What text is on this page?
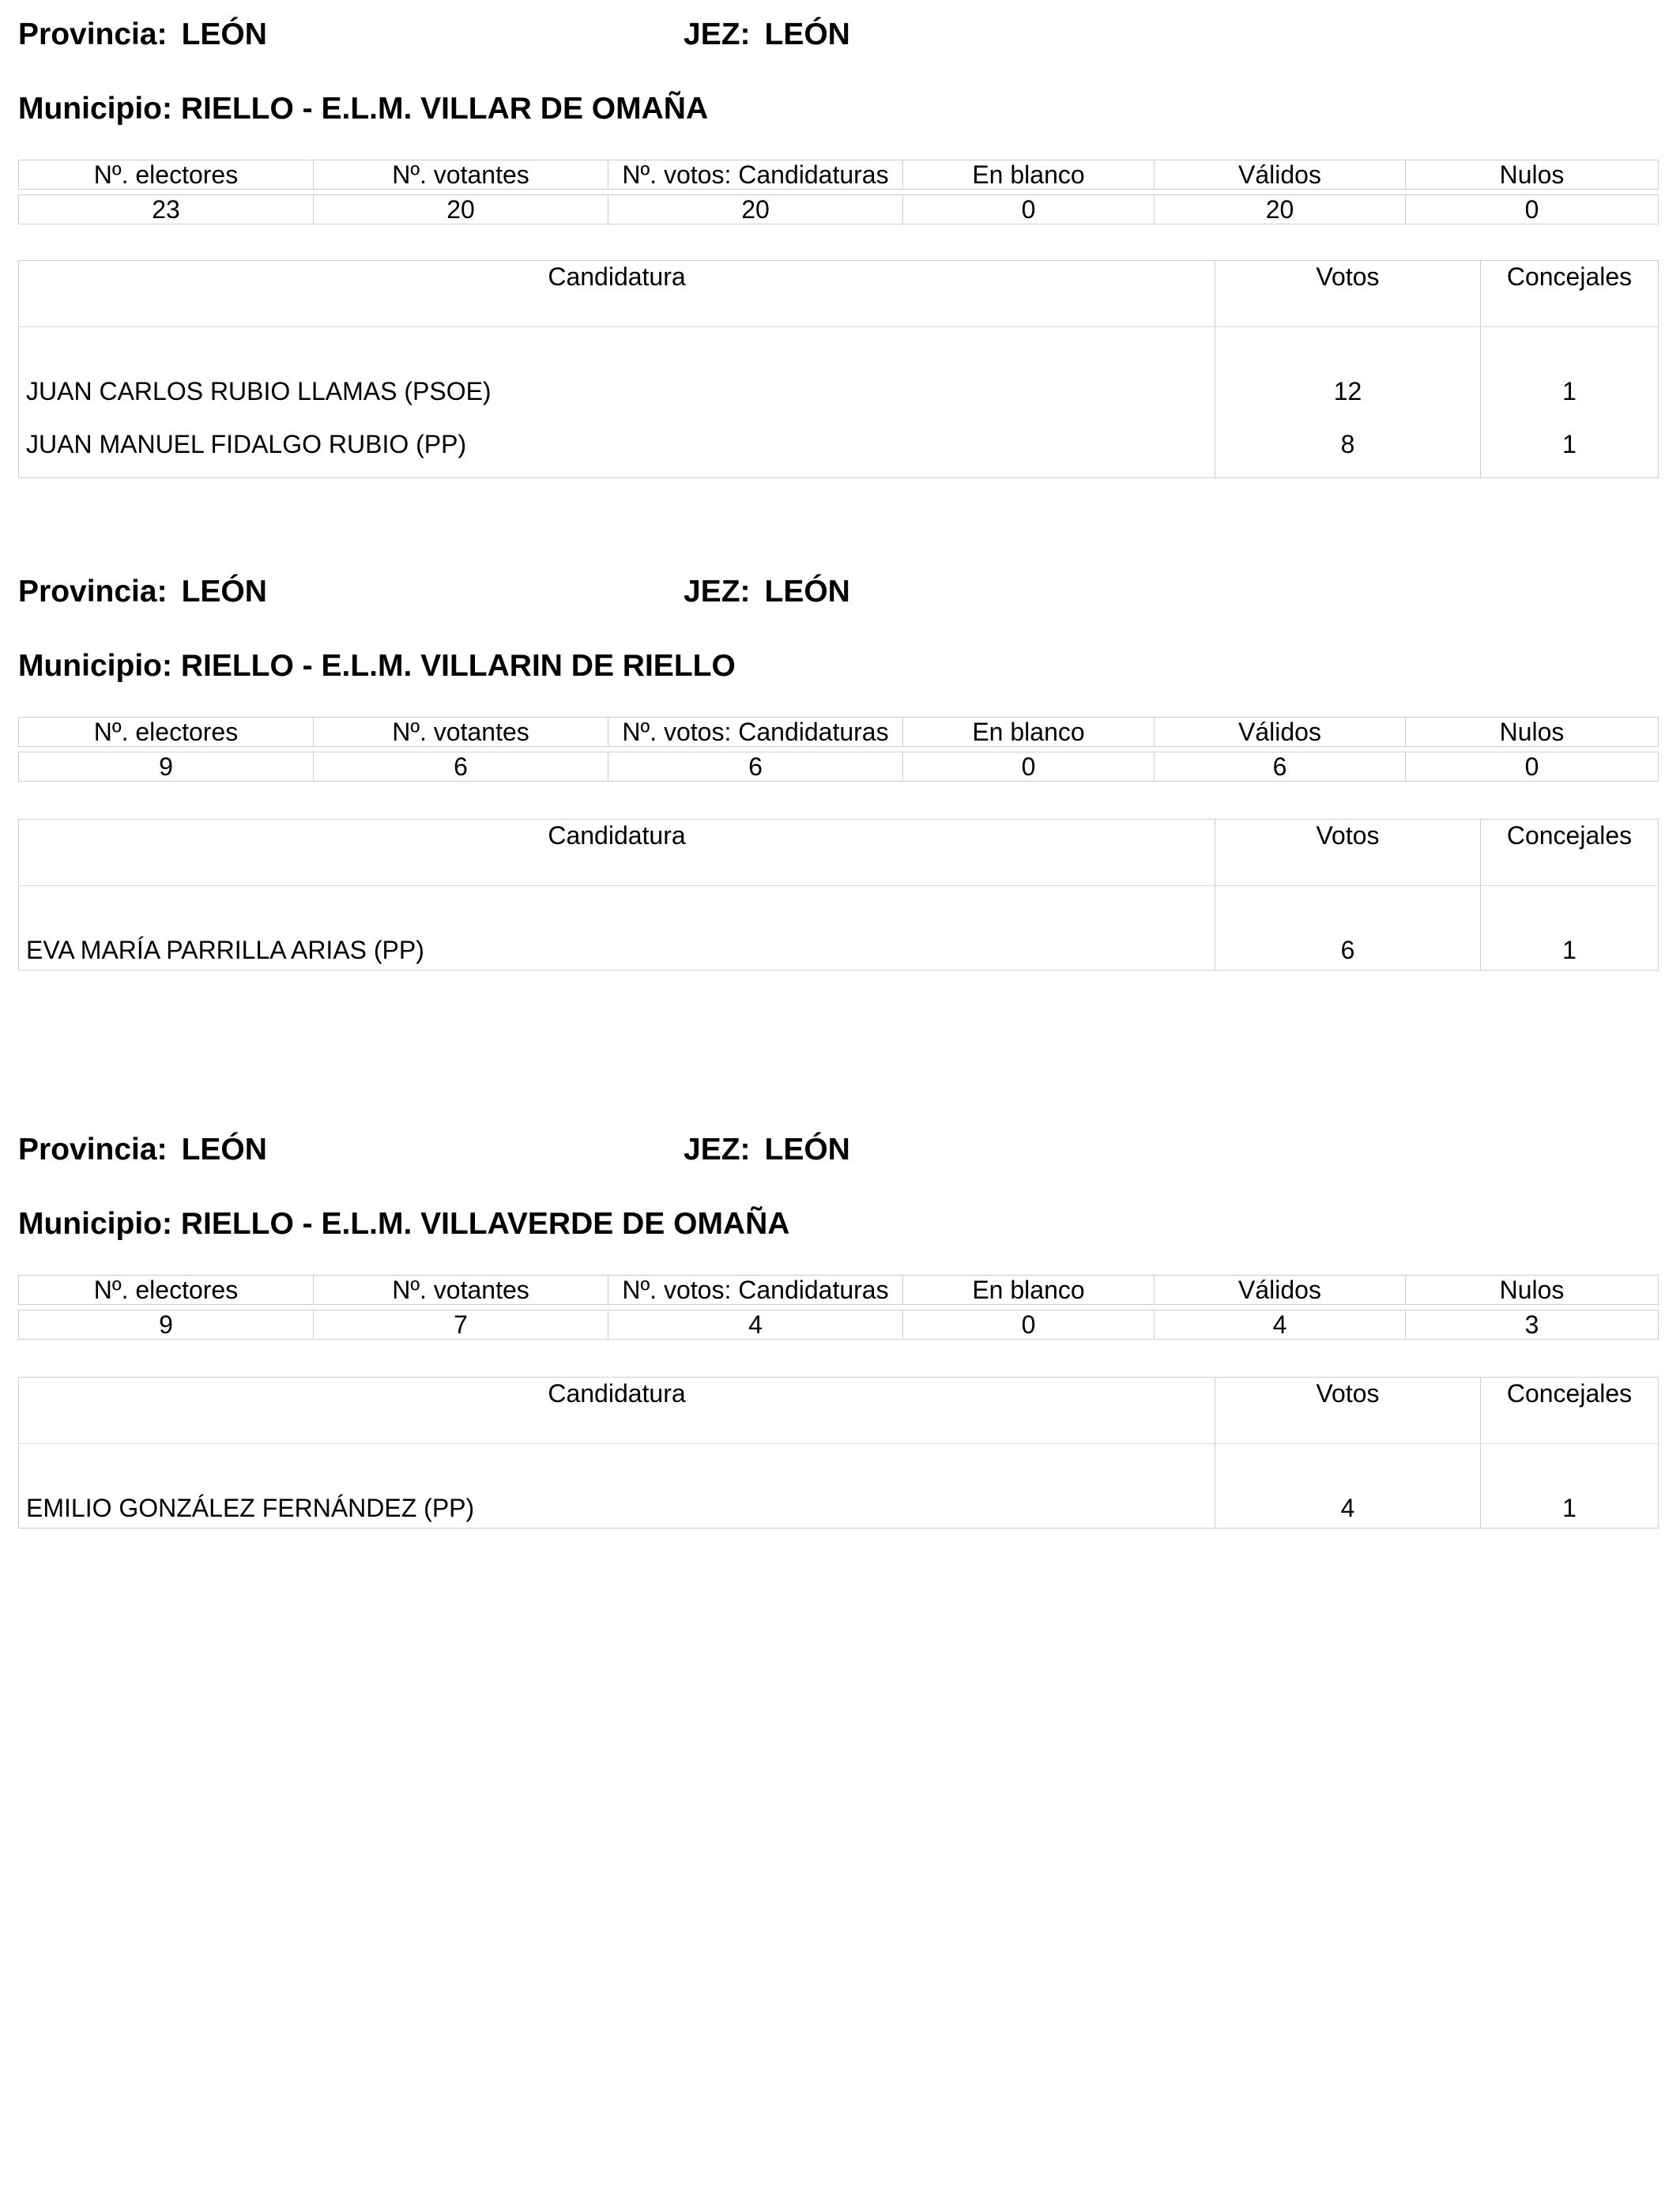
Provincia: LEÓN	JEZ: LEÓN
Municipio: RIELLO - E.L.M. VILLAR DE OMAÑA
Nº. electores	Nº. votantes	Nº. votos: Candidaturas	En blanco	Válidos	Nulos

23	20	20	0	20	0
Candidatura	Votos	Concejales
JUAN CARLOS RUBIO LLAMAS (PSOE)	12	1
JUAN MANUEL FIDALGO RUBIO (PP)	8	1
Provincia: LEÓN	JEZ: LEÓN
Municipio: RIELLO - E.L.M. VILLARIN DE RIELLO
Nº. electores	Nº. votantes	Nº. votos: Candidaturas	En blanco	Válidos	Nulos

9	6	6	0	6	0
Candidatura	Votos	Concejales
EVA MARÍA PARRILLA ARIAS (PP)	6	1
Provincia: LEÓN	JEZ: LEÓN
Municipio: RIELLO - E.L.M. VILLAVERDE DE OMAÑA
Nº. electores	Nº. votantes	Nº. votos: Candidaturas	En blanco	Válidos	Nulos

9	7	4	0	4	3
Candidatura	Votos	Concejales
EMILIO GONZÁLEZ FERNÁNDEZ (PP)	4	1
